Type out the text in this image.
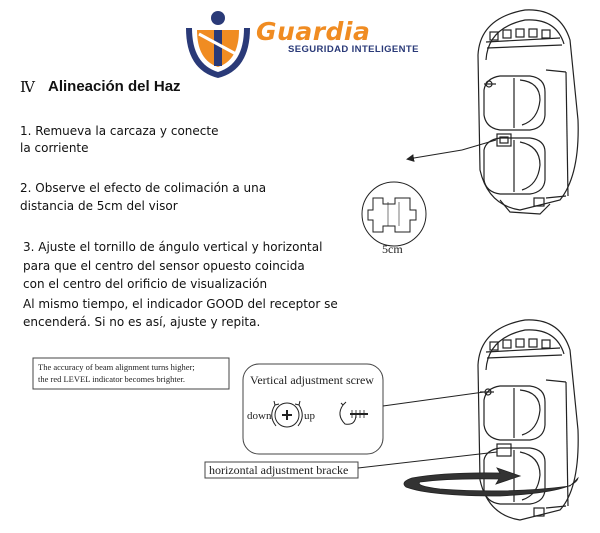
Guardia
SEGURIDAD INTELIGENTE
Ⅳ Alineación del Haz
1. Remueva la carcaza y conecte
la corriente
2. Observe el efecto de colimación a una
distancia de 5cm del visor
3. Ajuste el tornillo de ángulo vertical y horizontal
para que el centro del sensor opuesto coincida
con el centro del orificio de visualización
Al mismo tiempo, el indicador GOOD del receptor se
encenderá. Si no es así, ajuste y repita.
5cm
The accuracy of beam alignment turns higher;
the red LEVEL indicator becomes brighter.	Vertical adjustment screw
down	up
horizontal adjustment bracke
